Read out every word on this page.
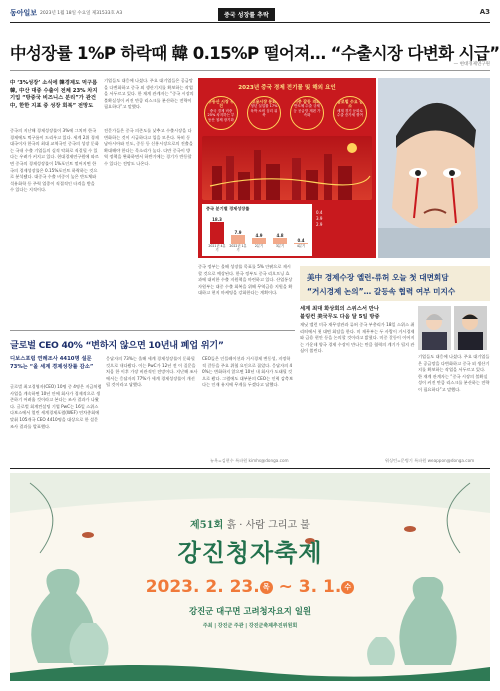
동아일보 2023년 1월 18일 수요일 제31533호 A3	중국 성장률 추락	A3
中성장률 1%P 하락때 韓 0.15%P 떨어져… “수출시장 다변화 시급”
— 현대경제연구원
中 ‘3%성장’ 소식에 韓경제도 먹구름
韓, 中산 대중 수출이 전체 23% 차지
기업 “방중국 비즈니스 분리”가 관건
中, 한한 지표 중 성장 회복” 전망도
중국의 지난해 경제성장률이 3%에 그치며 한국 경제에도 먹구름이 드리우고 있다. 세계 2위 경제대국이자 한국의 최대 교역국인 중국의 성장 둔화는 국내 수출 기업들의 실적 악화로 직결될 수 있다는 우려가 커지고 있다. 현대경제연구원에 따르면 중국의 경제성장률이 1%포인트 떨어지면 한국의 경제성장률은 0.15%포인트 하락하는 것으로 분석됐다. 대중국 수출 비중이 높은 반도체와 석유화학 등 주력 업종이 직접적인 타격을 받을 수 있다는 지적이다.
전문가들은 중국 의존도를 낮추고 수출시장을 다변화하는 것이 시급하다고 입을 모은다. 특히 동남아시아와 인도, 중동 등 신흥시장으로의 진출을 확대해야 한다는 목소리가 높다. 다만 중국이 방역 정책을 완화하면서 하반기에는 경기가 반등할 수 있다는 전망도 나온다.
중국 정부는 올해 성장률 목표를 5% 안팎으로 제시할 것으로 예상된다. 한국 정부도 중국 리오프닝 효과에 대비한 수출 지원책을 마련하고 있다. 산업통상자원부는 대중 수출 회복을 위해 무역금융 지원을 확대하고 현지 마케팅을 강화한다는 계획이다.
기업들도 대응에 나섰다. 주요 대기업들은 공급망을 다변화하고 중국 외 생산기지를 확보하는 작업을 서두르고 있다. 한 재계 관계자는 “중국 시장의 불확실성이 커진 만큼 리스크를 분산하는 전략이 필요하다”고 말했다.
2023년 중국 경제 전기물 및 해외 요인
부동산 시장 부진
중국 경제 비중 25% 차지하는 부동산 침체 장기화
고용시장 둔화
청년 실업률 17% 육박 소비 심리 위축
미중 갈등 격화
반도체 수출 규제 등 공급망 재편 가속화
글로벌 수요 감소
세계 경기 둔화로 수출 증가세 꺾여
중국 분기별 경제성장률
18.3
2021년 4분기
7.9
2022년 1분기
4.9
2분기
4.8
3분기
0.4
4분기
0.4
3.9
2.9
美中 경제수장 옐런-류허 오늘 첫 대면회담
“거시경제 논의”… 갈등속 협력 여부 미지수
세계 최대 화상회의 스위스서 만나
블링컨 美국무도 다음 달 5일 방중
재닛 옐런 미국 재무장관과 류허 중국 부총리가 18일 스위스 취리히에서 첫 대면 회담을 한다. 미 재무부는 두 사람이 거시경제와 금융 현안 등을 논의할 것이라고 밝혔다. 미중 갈등이 이어지는 가운데 양국 경제 수장이 만나는 만큼 협력의 계기가 될지 관심이 쏠린다.
기업들도 대응에 나섰다. 주요 대기업들은 공급망을 다변화하고 중국 외 생산기지를 확보하는 작업을 서두르고 있다. 한 재계 관계자는 “중국 시장의 불확실성이 커진 만큼 리스크를 분산하는 전략이 필요하다”고 말했다.
워싱턴=문병기 특파원 weappon@donga.com
글로벌 CEO 40% “변하지 않으면 10년내 폐업 위기”
디보스포럼 연례조사 4410명 설문 73%는 “올 세계 경제성장률 감소”
글로벌 최고경영자(CEO) 10명 중 4명은 지금처럼 사업을 계속하면 10년 안에 회사가 경제적으로 생존하기 어려울 것이라고 본다는 조사 결과가 나왔다. 글로벌 회계컨설팅 기업 PwC는 16일 스위스 다보스에서 열린 세계경제포럼(WEF) 연차총회에 맞춰 105개국 CEO 4410명을 대상으로 한 설문조사 결과를 발표했다.
응답자의 73%는 올해 세계 경제성장률이 둔화될 것으로 내다봤다. 이는 PwC가 12년 전 이 질문을 처음 한 이후 가장 비관적인 전망이다. 지난해 조사에서는 응답자의 77%가 세계 경제성장률이 개선될 것이라고 답했다.
CEO들은 인플레이션과 거시경제 변동성, 지정학적 갈등을 주요 위협 요인으로 꼽았다. 응답자의 40%는 변화하지 않으면 10년 내 회사가 도태될 것으로 봤다. 그럼에도 대부분의 CEO는 인력 감축보다는 인재 유지에 무게를 두겠다고 답했다.
뉴욕=김현수 특파원 kimhs@donga.com
제51회 흙 · 사람 그리고 불
강진청자축제
2023. 2. 23. 목 ~ 3. 1. 수
강진군 대구면 고려청자요지 일원
주최 | 강진군 주관 | 강진군축제추진위원회
